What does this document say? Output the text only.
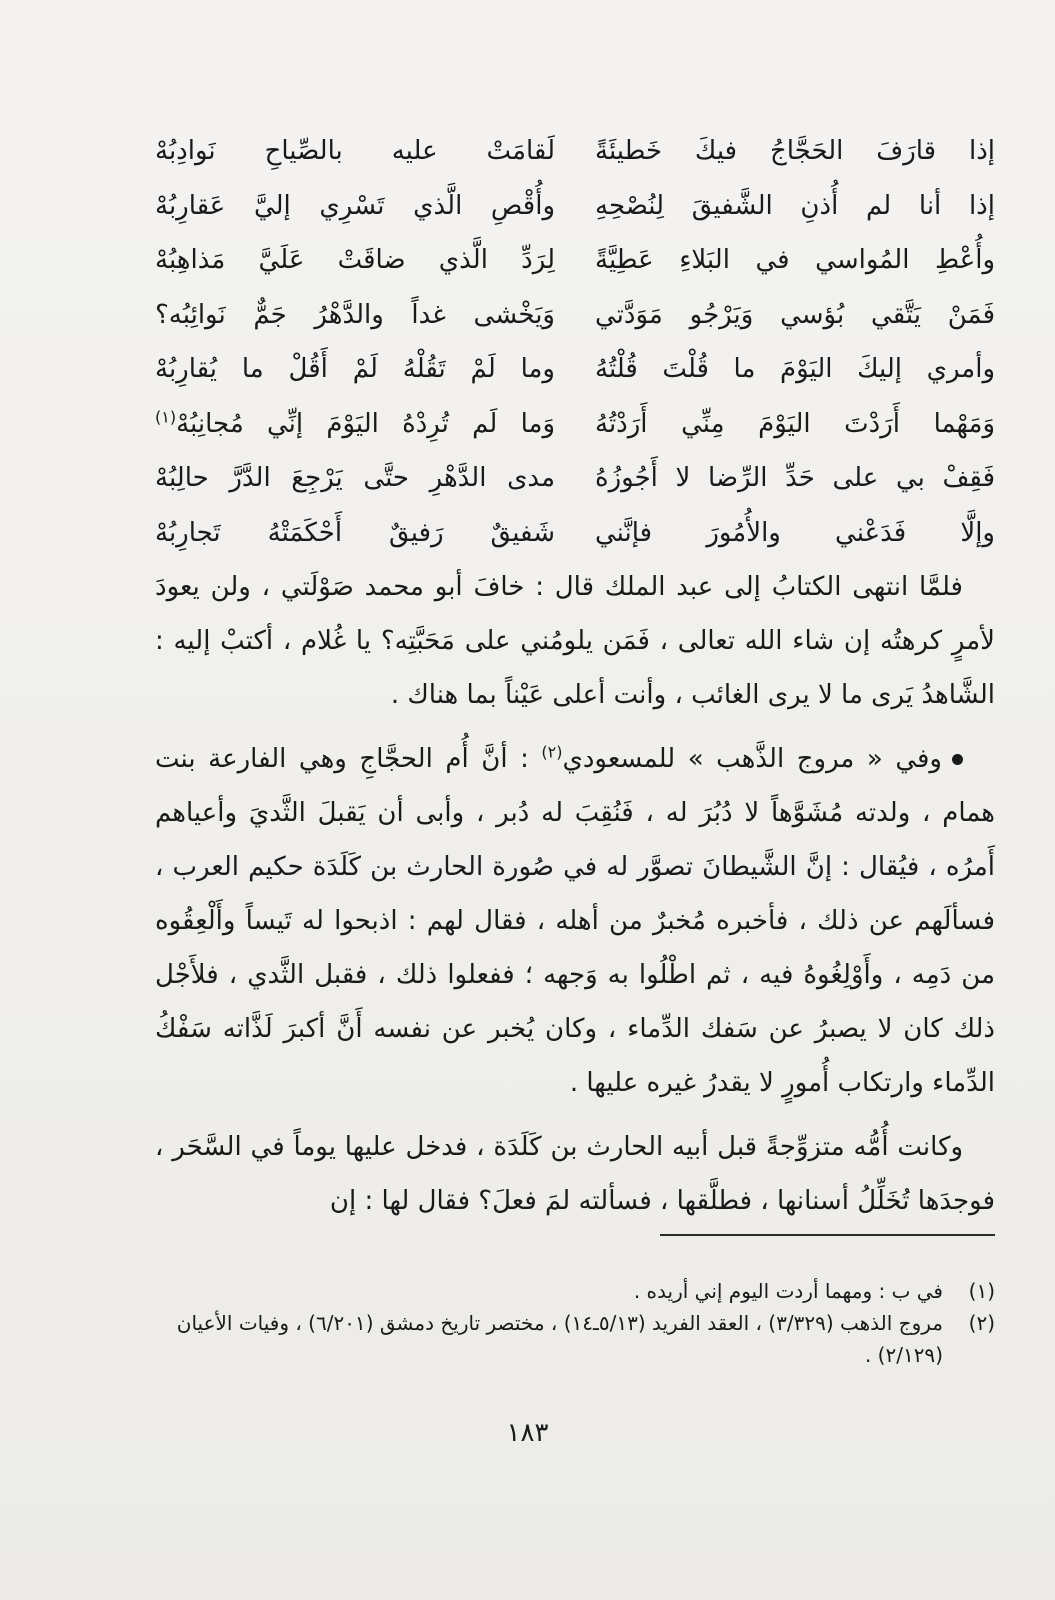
إذا قارَفَ الحَجَّاجُ فيكَ خَطيئَةً
لَقامَتْ عليه بالصِّياحِ نَوادِبُهْ
إذا أنا لم أُذنِ الشَّفيقَ لِنُصْحِهِ
وأُقْصِ الَّذي تَسْرِي إليَّ عَقارِبُهْ
وأُعْطِ المُواسي في البَلاءِ عَطِيَّةً
لِرَدِّ الَّذي ضاقَتْ عَلَيَّ مَذاهِبُهْ
فَمَنْ يَتَّقي بُؤسي وَيَرْجُو مَوَدَّتي
وَيَخْشى غداً والدَّهْرُ جَمٌّ نَوائِبُه؟
وأمري إليكَ اليَوْمَ ما قُلْتَ قُلْتُهُ
وما لَمْ تَقُلْهُ لَمْ أَقُلْ ما يُقارِبُهْ
وَمَهْما أَرَدْتَ اليَوْمَ مِنِّي أَرَدْتُهُ
وَما لَم تُرِدْهُ اليَوْمَ إنِّي مُجانِبُهْ$^{(١)}$
فَقِفْ بي على حَدِّ الرِّضا لا أَجُوزُهُ
مدى الدَّهْرِ حتَّى يَرْجِعَ الدَّرَّ حالِبُهْ
وإلَّا فَدَعْني والأُمُورَ فإنَّني
شَفيقٌ رَفيقٌ أَحْكَمَتْهُ تَجارِبُهْ

فلمَّا انتهى الكتابُ إلى عبد الملك قال : خافَ أبو محمد صَوْلَتي ، ولن يعودَ لأمرٍ كرهتُه إن شاء الله تعالى ، فَمَن يلومُني على مَحَبَّتِه؟ يا غُلام ، أكتبْ إليه : الشَّاهدُ يَرى ما لا يرى الغائب ، وأنت أعلى عَيْناً بما هناك .

وفي « مروج الذَّهب » للمسعودي$^{(٢)}$ : أنَّ أُم الحجَّاجِ وهي الفارعة بنت همام ، ولدته مُشَوَّهاً لا دُبُرَ له ، فَنُقِبَ له دُبر ، وأبى أن يَقبلَ الثَّديَ وأعياهم أَمرُه ، فيُقال : إنَّ الشَّيطانَ تصوَّر له في صُورة الحارث بن كَلَدَة حكيم العرب ، فسألَهم عن ذلك ، فأخبره مُخبرٌ من أهله ، فقال لهم : اذبحوا له تَيساً وأَلْعِقُوه من دَمِه ، وأَوْلِغُوهُ فيه ، ثم اطْلُوا به وَجهه ؛ ففعلوا ذلك ، فقبل الثَّدي ، فلأَجْل ذلك كان لا يصبرُ عن سَفك الدِّماء ، وكان يُخبر عن نفسه أَنَّ أكبرَ لَذَّاته سَفْكُ الدِّماء وارتكاب أُمورٍ لا يقدرُ غيره عليها .

وكانت أُمُّه متزوِّجةً قبل أبيه الحارث بن كَلَدَة ، فدخل عليها يوماً في السَّحَر ، فوجدَها تُخَلِّلُ أسنانها ، فطلَّقها ، فسألته لمَ فعلَ؟ فقال لها : إن

(١)
في ب : ومهما أردت اليوم إني أريده .
(٢)
مروج الذهب (٣/٣٢٩) ، العقد الفريد (٥/١٣ـ١٤) ، مختصر تاريخ دمشق (٦/٢٠١) ، وفيات الأعيان (٢/١٢٩) .
١٨٣
